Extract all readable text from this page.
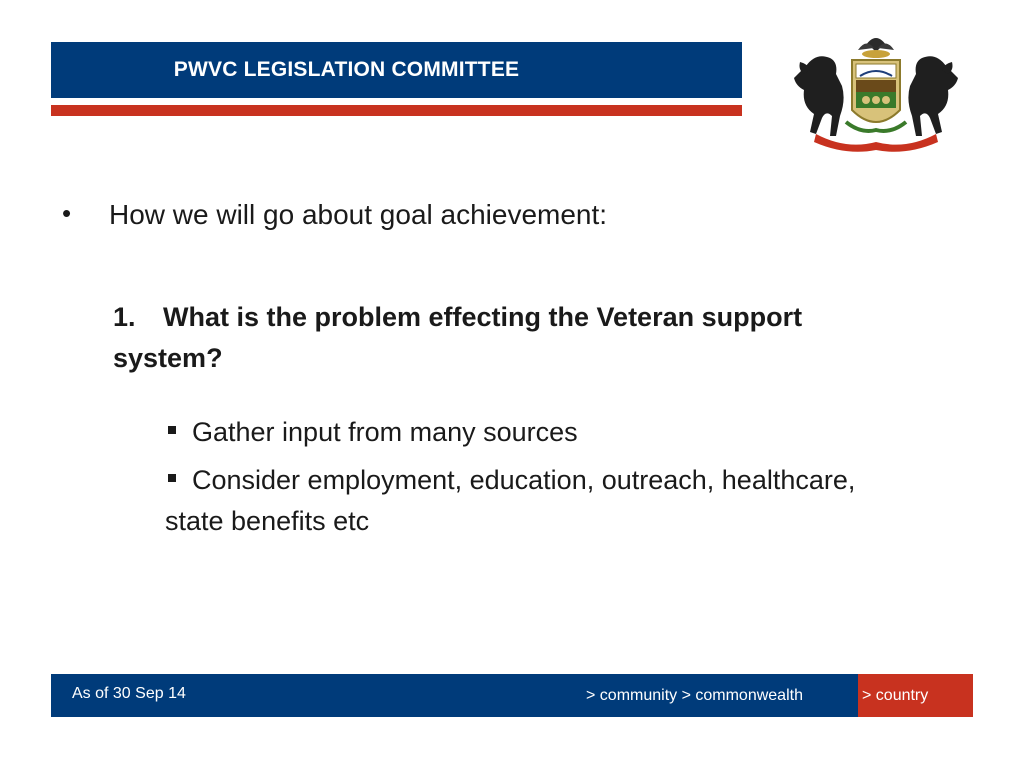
PWVC LEGISLATION COMMITTEE
•	How we will go about goal achievement:
1. What is the problem effecting the Veteran support system?
Gather input from many sources
Consider employment, education, outreach, healthcare, state benefits etc
As of 30 Sep 14	> community > commonwealth	> country
